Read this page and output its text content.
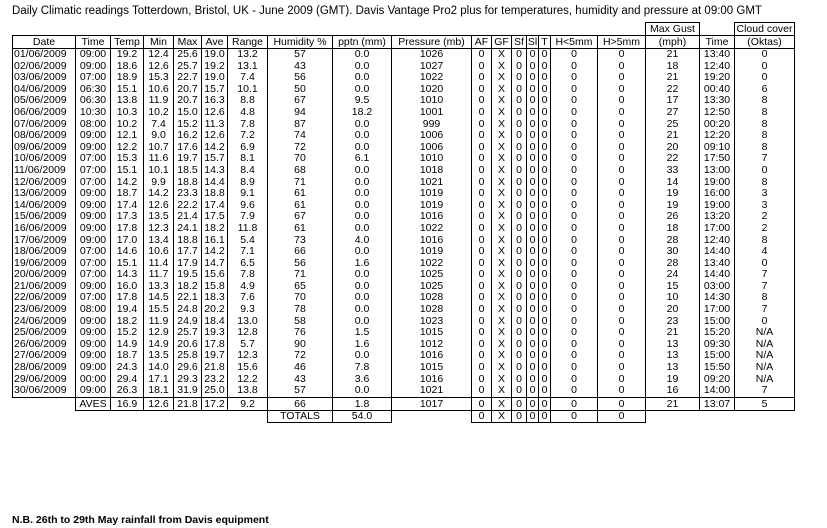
Daily Climatic readings Totterdown, Bristol, UK - June 2009 (GMT). Davis Vantage Pro2 plus for temperatures, humidity and pressure at 09:00 GMT
																	Max Gust		Cloud cover
Date	Time	Temp	Min	Max	Ave	Range	Humidity %	pptn (mm)	Pressure (mb)	AF	GF	Sf	Sl	T	H<5mm	H>5mm	(mph)	Time	(Oktas)
01/06/2009	09:00	19.2	12.4	25.6	19.0	13.2	57	0.0	1026	0	X	0	0	0	0	0	21	13:40	0
02/06/2009	09:00	18.6	12.6	25.7	19.2	13.1	43	0.0	1027	0	X	0	0	0	0	0	18	12:40	0
03/06/2009	07:00	18.9	15.3	22.7	19.0	7.4	56	0.0	1022	0	X	0	0	0	0	0	21	19:20	0
04/06/2009	06:30	15.1	10.6	20.7	15.7	10.1	50	0.0	1020	0	X	0	0	0	0	0	22	00:40	6
05/06/2009	06:30	13.8	11.9	20.7	16.3	8.8	67	9.5	1010	0	X	0	0	0	0	0	17	13:30	8
06/06/2009	10:30	10.3	10.2	15.0	12.6	4.8	94	18.2	1001	0	X	0	0	0	0	0	27	12:50	8
07/06/2009	08:00	10.2	7.4	15.2	11.3	7.8	87	0.0	999	0	X	0	0	0	0	0	25	00:20	8
08/06/2009	09:00	12.1	9.0	16.2	12.6	7.2	74	0.0	1006	0	X	0	0	0	0	0	21	12:20	8
09/06/2009	09:00	12.2	10.7	17.6	14.2	6.9	72	0.0	1006	0	X	0	0	0	0	0	20	09:10	8
10/06/2009	07:00	15.3	11.6	19.7	15.7	8.1	70	6.1	1010	0	X	0	0	0	0	0	22	17:50	7
11/06/2009	07:00	15.1	10.1	18.5	14.3	8.4	68	0.0	1018	0	X	0	0	0	0	0	33	13:00	0
12/06/2009	07:00	14.2	9.9	18.8	14.4	8.9	71	0.0	1021	0	X	0	0	0	0	0	14	19:00	8
13/06/2009	09:00	18.7	14.2	23.3	18.8	9.1	61	0.0	1019	0	X	0	0	0	0	0	19	16:00	3
14/06/2009	09:00	17.4	12.6	22.2	17.4	9.6	61	0.0	1019	0	X	0	0	0	0	0	19	19:00	3
15/06/2009	09:00	17.3	13.5	21.4	17.5	7.9	67	0.0	1016	0	X	0	0	0	0	0	26	13:20	2
16/06/2009	09:00	17.8	12.3	24.1	18.2	11.8	61	0.0	1022	0	X	0	0	0	0	0	18	17:00	2
17/06/2009	09:00	17.0	13.4	18.8	16.1	5.4	73	4.0	1016	0	X	0	0	0	0	0	28	12:40	8
18/06/2009	07:00	14.6	10.6	17.7	14.2	7.1	66	0.0	1019	0	X	0	0	0	0	0	30	14:40	4
19/06/2009	07:00	15.1	11.4	17.9	14.7	6.5	56	1.6	1022	0	X	0	0	0	0	0	28	13:40	0
20/06/2009	07:00	14.3	11.7	19.5	15.6	7.8	71	0.0	1025	0	X	0	0	0	0	0	24	14:40	7
21/06/2009	09:00	16.0	13.3	18.2	15.8	4.9	65	0.0	1025	0	X	0	0	0	0	0	15	03:00	7
22/06/2009	07:00	17.8	14.5	22.1	18.3	7.6	70	0.0	1028	0	X	0	0	0	0	0	10	14:30	8
23/06/2009	08:00	19.4	15.5	24.8	20.2	9.3	78	0.0	1028	0	X	0	0	0	0	0	20	17:00	7
24/06/2009	09:00	18.2	11.9	24.9	18.4	13.0	58	0.0	1023	0	X	0	0	0	0	0	23	15:00	0
25/06/2009	09:00	15.2	12.9	25.7	19.3	12.8	76	1.5	1015	0	X	0	0	0	0	0	21	15:20	N/A
26/06/2009	09:00	14.9	14.9	20.6	17.8	5.7	90	1.6	1012	0	X	0	0	0	0	0	13	09:30	N/A
27/06/2009	09:00	18.7	13.5	25.8	19.7	12.3	72	0.0	1016	0	X	0	0	0	0	0	13	15:00	N/A
28/06/2009	09:00	24.3	14.0	29.6	21.8	15.6	46	7.8	1015	0	X	0	0	0	0	0	13	15:50	N/A
29/06/2009	00:00	29.4	17.1	29.3	23.2	12.2	43	3.6	1016	0	X	0	0	0	0	0	19	09:20	N/A
30/06/2009	09:00	26.3	18.1	31.9	25.0	13.8	57	0.0	1021	0	X	0	0	0	0	0	16	14:00	7
	AVES	16.9	12.6	21.8	17.2	9.2	66	1.8	1017	0	X	0	0	0	0	0	21	13:07	5
							TOTALS	54.0		0	X	0	0	0	0	0			
N.B. 26th to 29th May rainfall from Davis equipment
